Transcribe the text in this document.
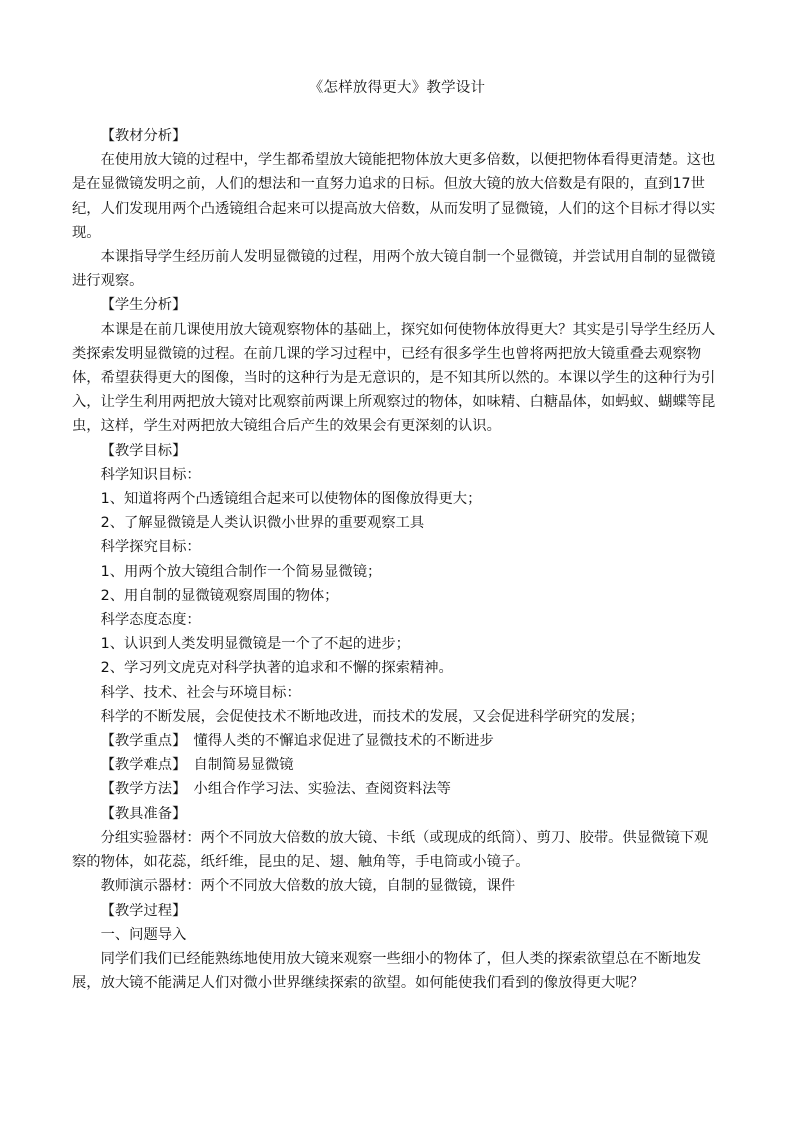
《怎样放得更大》教学设计

【教材分析】

在使用放大镜的过程中，学生都希望放大镜能把物体放大更多倍数，以便把物体看得更清楚。这也是在显微镜发明之前，人们的想法和一直努力追求的日标。但放大镜的放大倍数是有限的，直到17世纪，人们发现用两个凸透镜组合起来可以提高放大倍数，从而发明了显微镜，人们的这个目标才得以实现。

本课指导学生经历前人发明显微镜的过程，用两个放大镜自制一个显微镜，并尝试用自制的显微镜进行观察。

【学生分析】

本课是在前几课使用放大镜观察物体的基础上，探究如何使物体放得更大？其实是引导学生经历人类探索发明显微镜的过程。在前几课的学习过程中，已经有很多学生也曾将两把放大镜重叠去观察物体，希望获得更大的图像，当时的这种行为是无意识的，是不知其所以然的。本课以学生的这种行为引入，让学生利用两把放大镜对比观察前两课上所观察过的物体，如味精、白糖晶体，如蚂蚁、蝴蝶等昆虫，这样，学生对两把放大镜组合后产生的效果会有更深刻的认识。

【教学目标】

科学知识目标：

1、知道将两个凸透镜组合起来可以使物体的图像放得更大；

2、了解显微镜是人类认识微小世界的重要观察工具

科学探究目标：

1、用两个放大镜组合制作一个简易显微镜；

2、用自制的显微镜观察周围的物体；

科学态度态度：

1、认识到人类发明显微镜是一个了不起的进步；

2、学习列文虎克对科学执著的追求和不懈的探索精神。

科学、技术、社会与环境目标：

科学的不断发展，会促使技术不断地改进，而技术的发展，又会促进科学研究的发展；

【教学重点】　懂得人类的不懈追求促进了显微技术的不断进步

【教学难点】　自制简易显微镜

【教学方法】　小组合作学习法、实验法、查阅资料法等

【教具准备】

分组实验器材：两个不同放大倍数的放大镜、卡纸（或现成的纸筒）、剪刀、胶带。供显微镜下观察的物体，如花蕊，纸纤维，昆虫的足、翅、触角等，手电筒或小镜子。

教师演示器材：两个不同放大倍数的放大镜，自制的显微镜，课件

【教学过程】

一、问题导入

同学们我们已经能熟练地使用放大镜来观察一些细小的物体了，但人类的探索欲望总在不断地发展，放大镜不能满足人们对微小世界继续探索的欲望。如何能使我们看到的像放得更大呢？
